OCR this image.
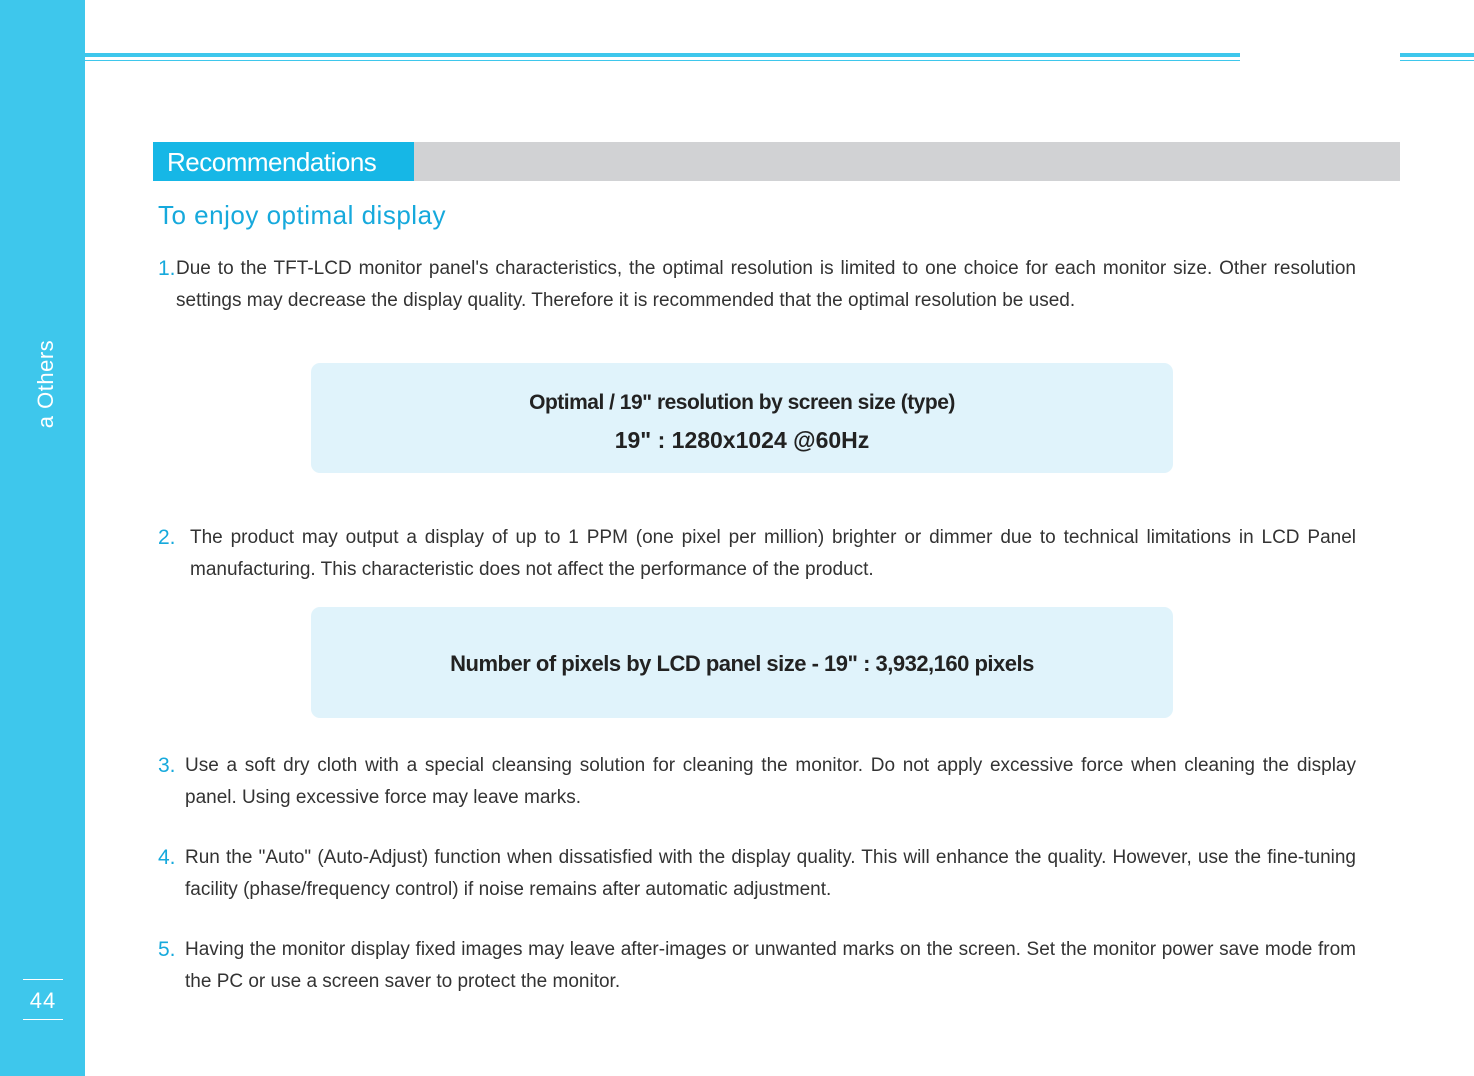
a Others
44
Recommendations
To enjoy optimal display
1. Due to the TFT-LCD monitor panel's characteristics, the optimal resolution is limited to one choice for each monitor size. Other resolution settings may decrease the display quality. Therefore it is recommended that the optimal resolution be used.
Optimal / 19" resolution by screen size (type)
19" : 1280x1024 @60Hz
2. The product may output a display of up to 1 PPM (one pixel per million) brighter or dimmer due to technical limitations in LCD Panel manufacturing. This characteristic does not affect the performance of the product.
Number of pixels by LCD panel size - 19" : 3,932,160 pixels
3. Use a soft dry cloth with a special cleansing solution for cleaning the monitor. Do not apply excessive force when cleaning the display panel. Using excessive force may leave marks.
4. Run the "Auto" (Auto-Adjust) function when dissatisfied with the display quality. This will enhance the quality. However, use the fine-tuning facility (phase/frequency control) if noise remains after automatic adjustment.
5. Having the monitor display fixed images may leave after-images or unwanted marks on the screen. Set the monitor power save mode from the PC or use a screen saver to protect the monitor.
